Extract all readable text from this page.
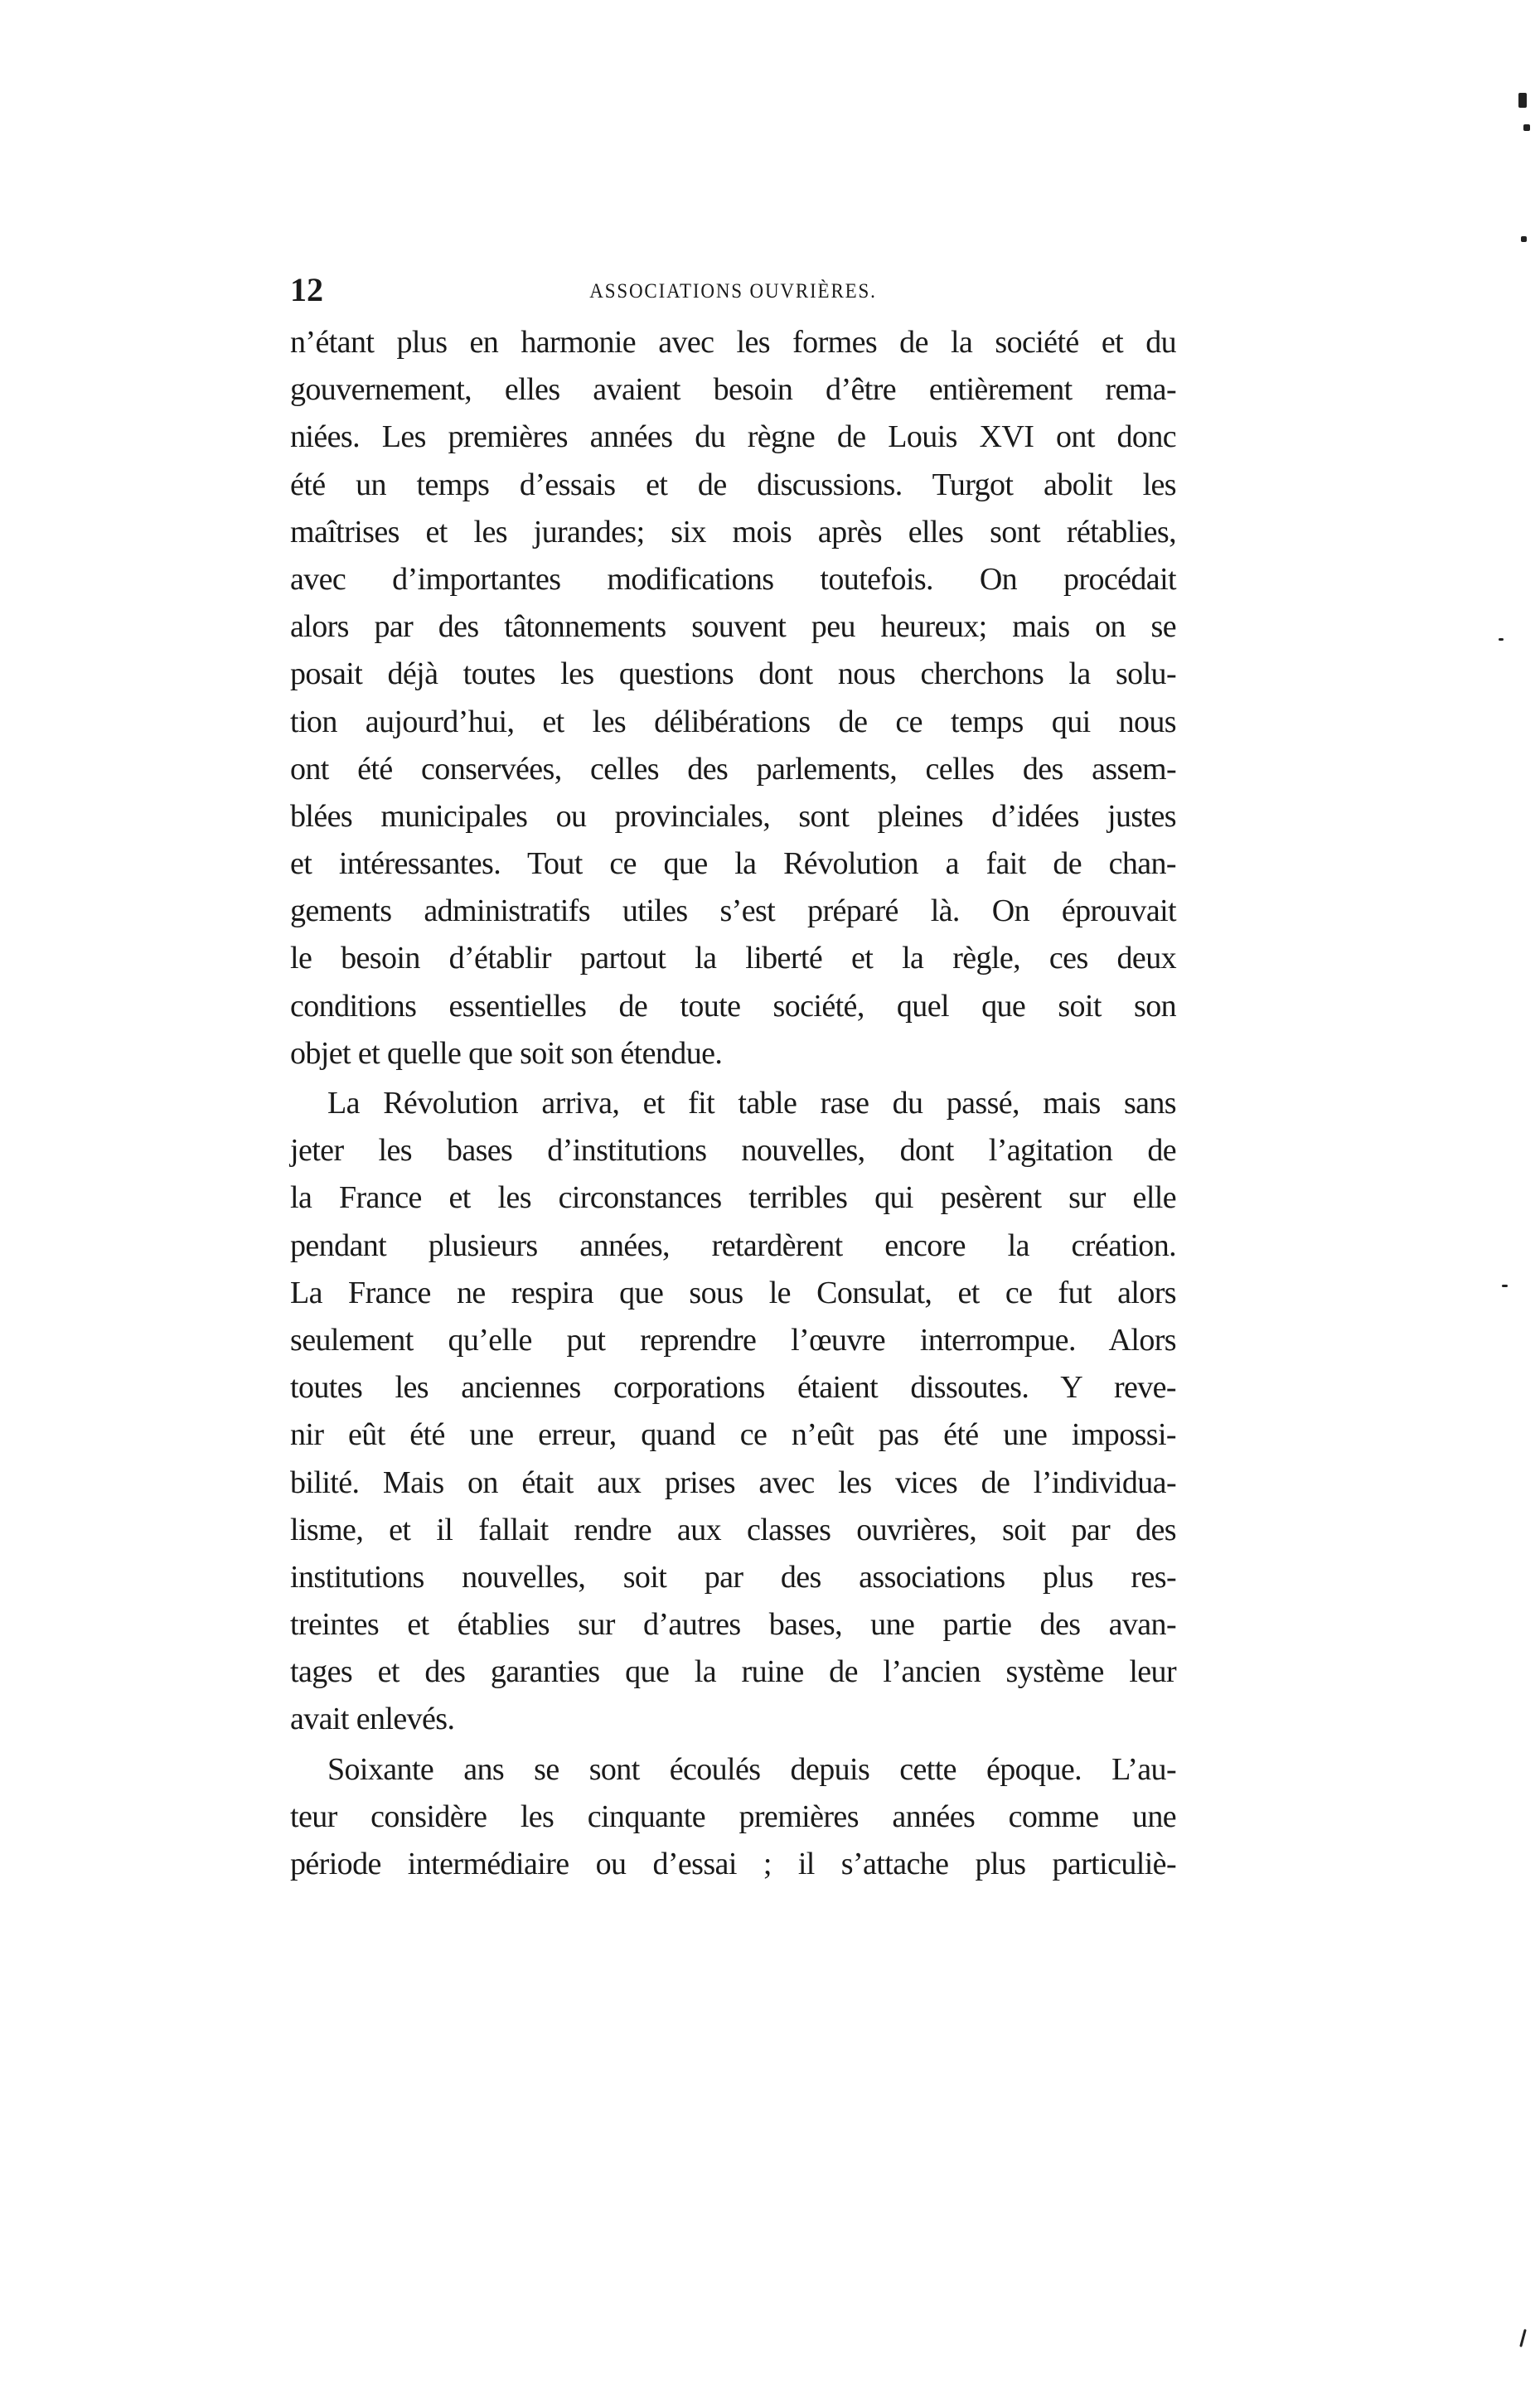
12	ASSOCIATIONS OUVRIÈRES.
n’étant plus en harmonie avec les formes de la société et du
gouvernement, elles avaient besoin d’être entièrement rema-
niées. Les premières années du règne de Louis XVI ont donc
été un temps d’essais et de discussions. Turgot abolit les
maîtrises et les jurandes; six mois après elles sont rétablies,
avec d’importantes modifications toutefois. On procédait
alors par des tâtonnements souvent peu heureux; mais on se
posait déjà toutes les questions dont nous cherchons la solu-
tion aujourd’hui, et les délibérations de ce temps qui nous
ont été conservées, celles des parlements, celles des assem-
blées municipales ou provinciales, sont pleines d’idées justes
et intéressantes. Tout ce que la Révolution a fait de chan-
gements administratifs utiles s’est préparé là. On éprouvait
le besoin d’établir partout la liberté et la règle, ces deux
conditions essentielles de toute société, quel que soit son
objet et quelle que soit son étendue.
La Révolution arriva, et fit table rase du passé, mais sans
jeter les bases d’institutions nouvelles, dont l’agitation de
la France et les circonstances terribles qui pesèrent sur elle
pendant plusieurs années, retardèrent encore la création.
La France ne respira que sous le Consulat, et ce fut alors
seulement qu’elle put reprendre l’œuvre interrompue. Alors
toutes les anciennes corporations étaient dissoutes. Y reve-
nir eût été une erreur, quand ce n’eût pas été une impossi-
bilité. Mais on était aux prises avec les vices de l’individua-
lisme, et il fallait rendre aux classes ouvrières, soit par des
institutions nouvelles, soit par des associations plus res-
treintes et établies sur d’autres bases, une partie des avan-
tages et des garanties que la ruine de l’ancien système leur
avait enlevés.
Soixante ans se sont écoulés depuis cette époque. L’au-
teur considère les cinquante premières années comme une
période intermédiaire ou d’essai ; il s’attache plus particuliè-
